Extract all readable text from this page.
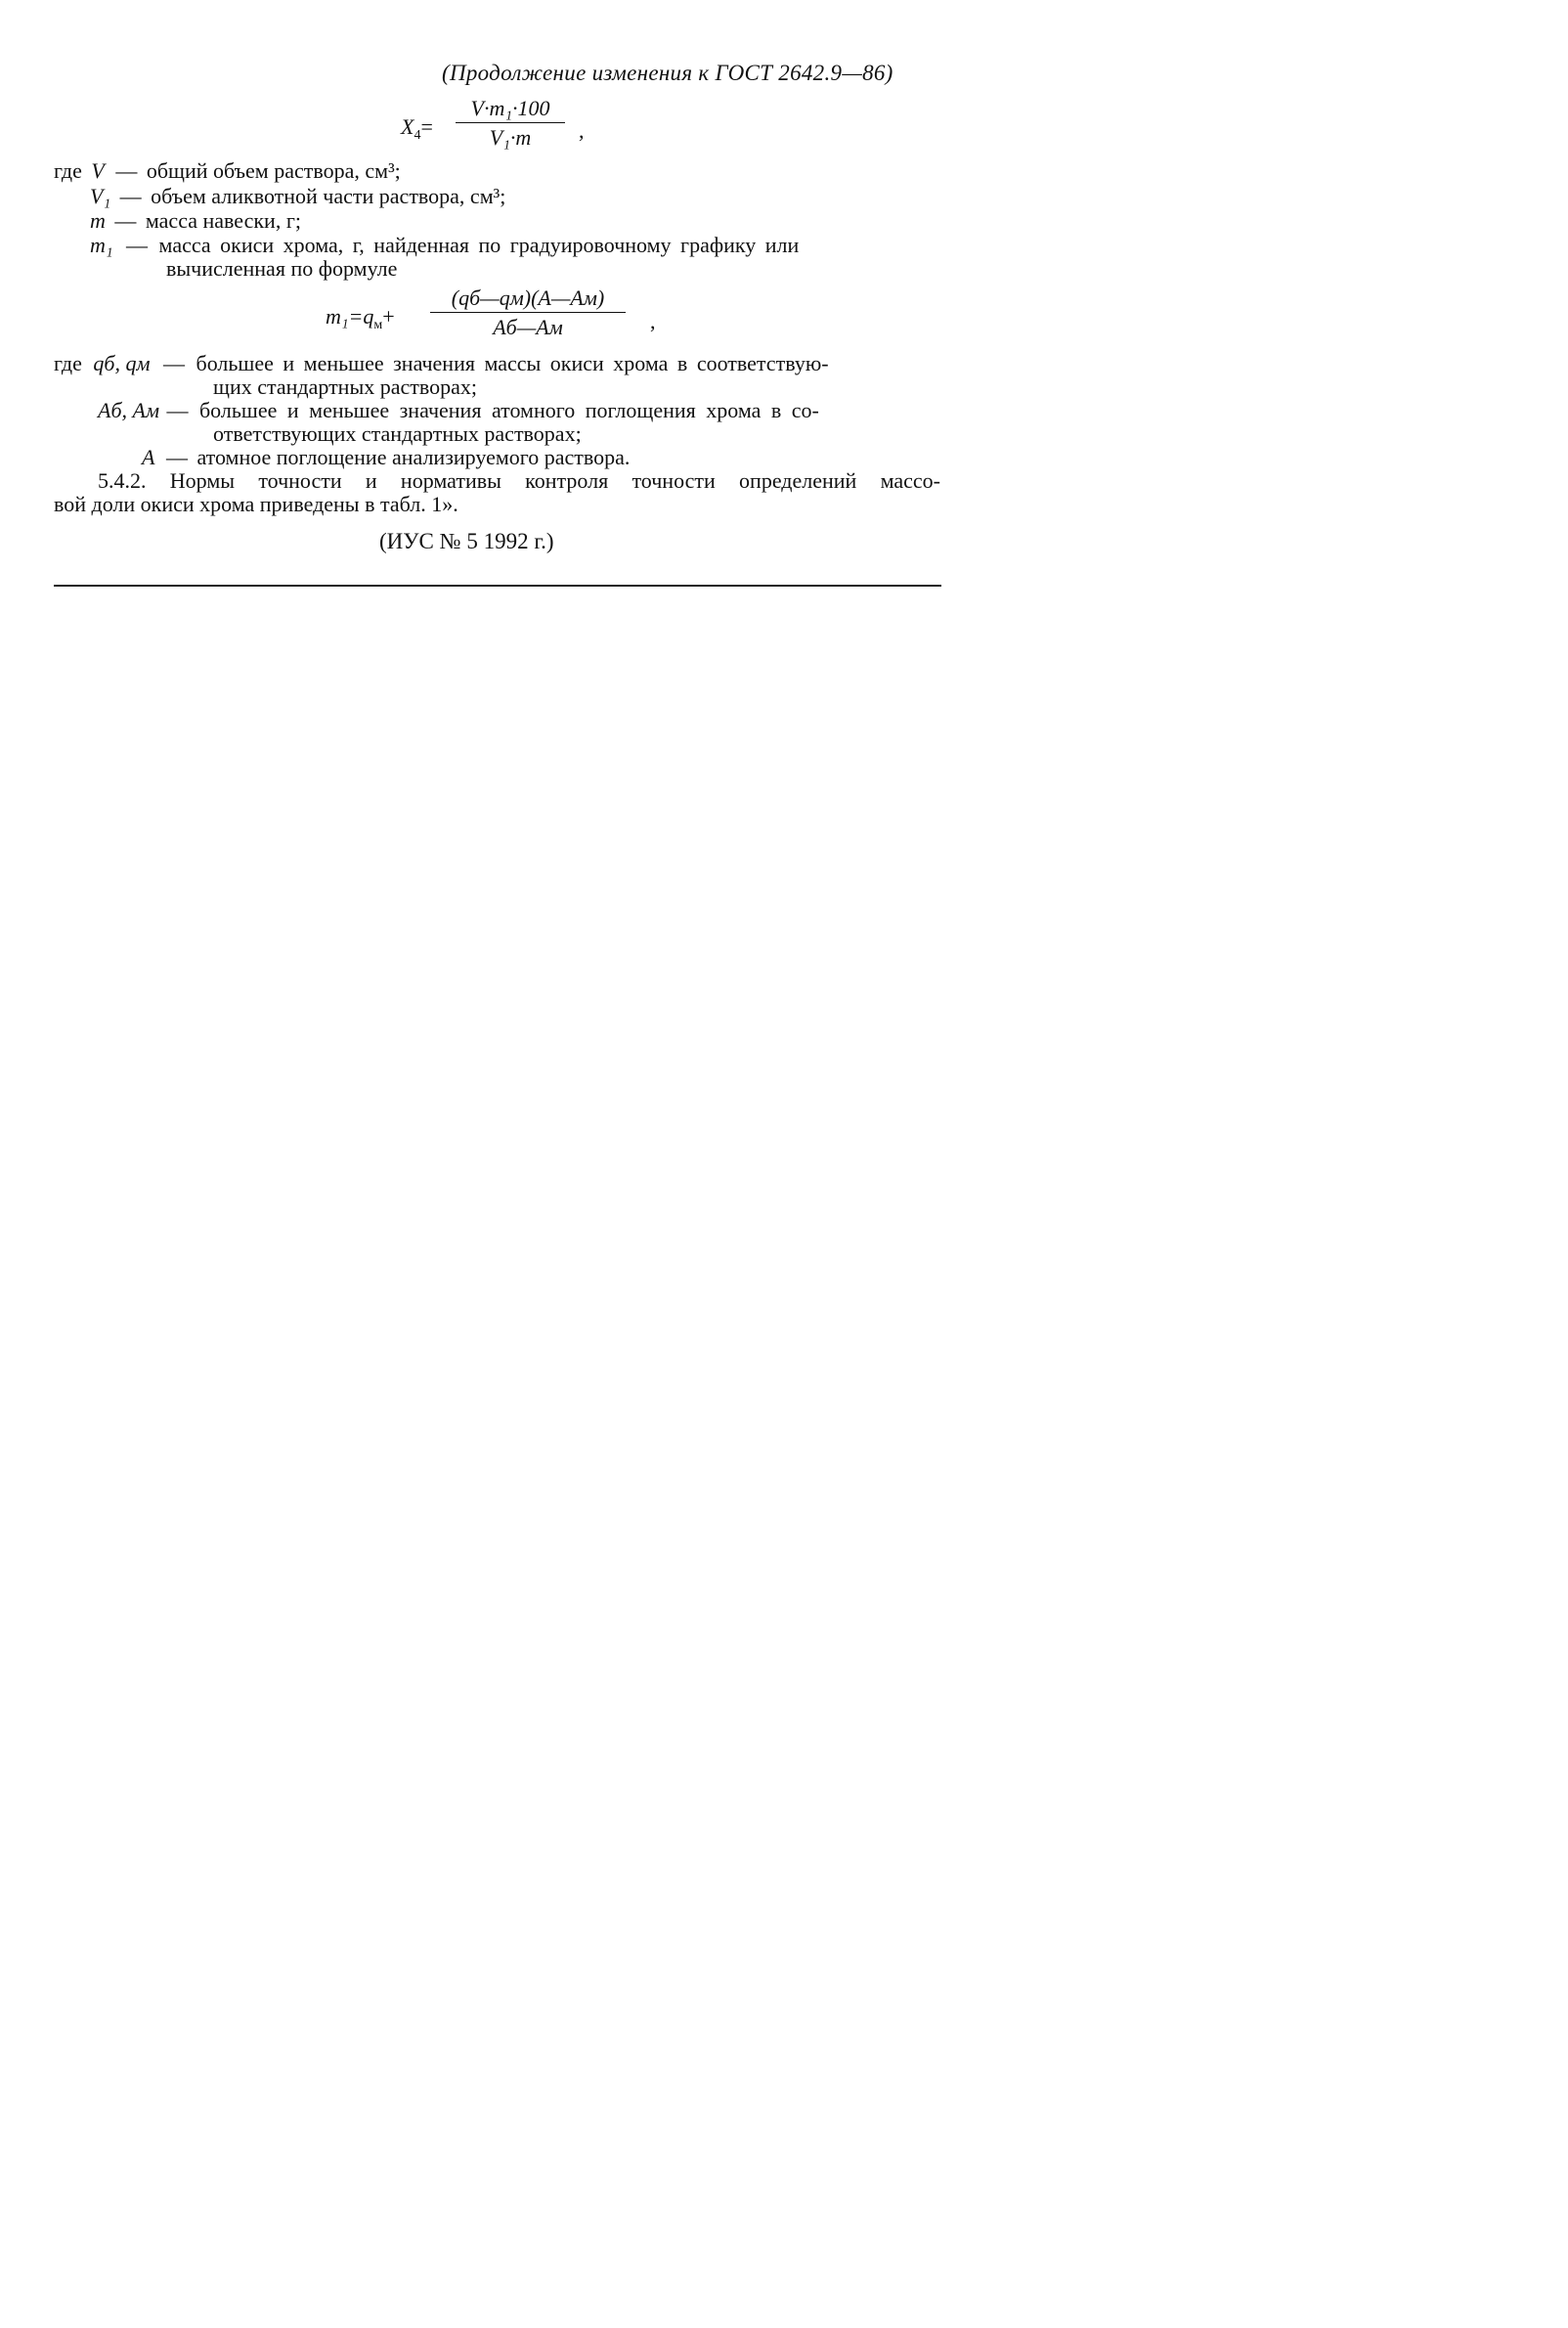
(Продолжение изменения к ГОСТ 2642.9—86)
$X_4=$
V·m₁·100
V₁·m	,
где V — общий объем раствора, см³;
V₁ — объем аликвотной части раствора, см³;
m — масса навески, г;
m₁ — масса окиси хрома, г, найденная по градуировочному графику или
вычисленная по формуле
$m_1=q_м+$
(qб—qм)(A—Aм)
Aб—Aм	,
где qб, qм — большее и меньшее значения массы окиси хрома в соответствую-
щих стандартных растворах;
Aб, Aм — большее и меньшее значения атомного поглощения хрома в со-
ответствующих стандартных растворах;
A — атомное поглощение анализируемого раствора.
5.4.2. Нормы точности и нормативы контроля точности определений массо-
вой доли окиси хрома приведены в табл. 1».
(ИУС № 5 1992 г.)
